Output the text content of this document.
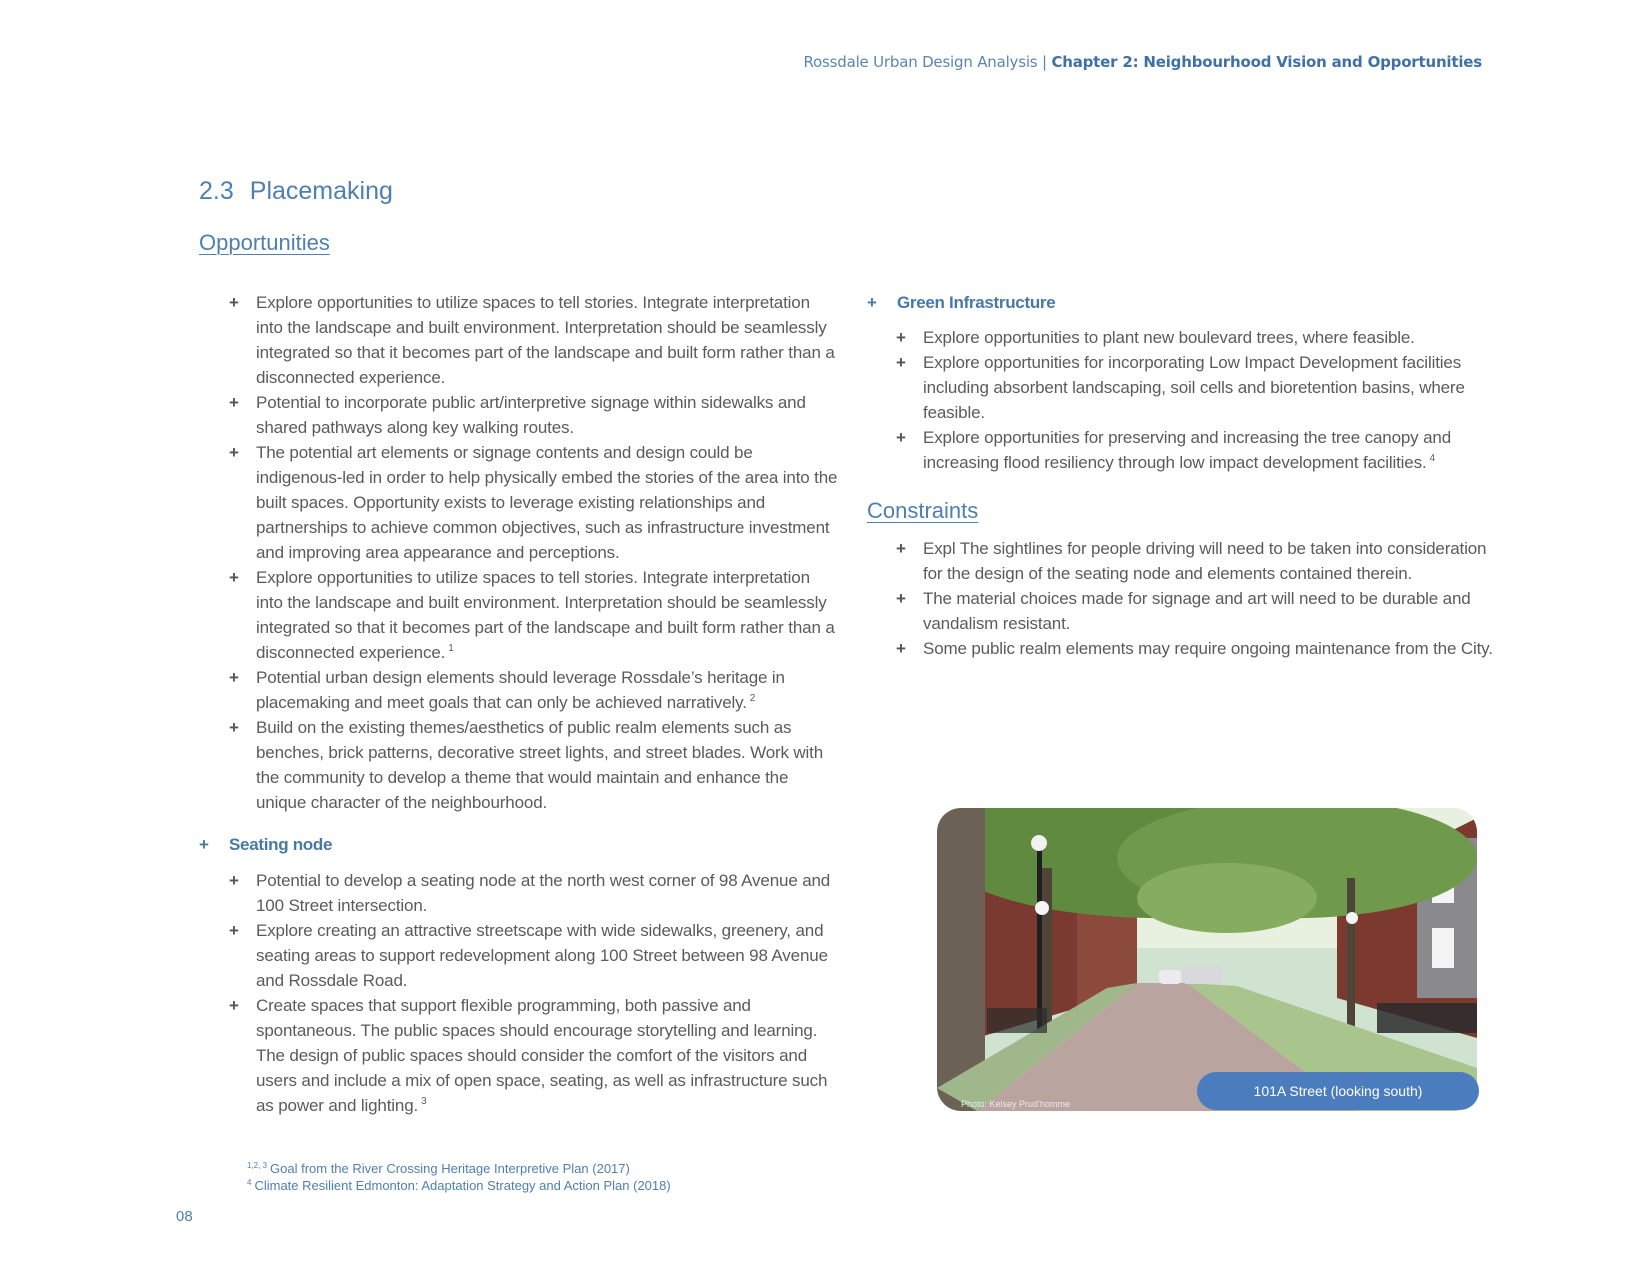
Rossdale Urban Design Analysis | Chapter 2: Neighbourhood Vision and Opportunities
2.3 Placemaking
Opportunities
+ Explore opportunities to utilize spaces to tell stories. Integrate interpretation into the landscape and built environment. Interpretation should be seamlessly integrated so that it becomes part of the landscape and built form rather than a disconnected experience.
+ Potential to incorporate public art/interpretive signage within sidewalks and shared pathways along key walking routes.
+ The potential art elements or signage contents and design could be indigenous-led in order to help physically embed the stories of the area into the built spaces. Opportunity exists to leverage existing relationships and partnerships to achieve common objectives, such as infrastructure investment and improving area appearance and perceptions.
+ Explore opportunities to utilize spaces to tell stories. Integrate interpretation into the landscape and built environment. Interpretation should be seamlessly integrated so that it becomes part of the landscape and built form rather than a disconnected experience. $^1$
+ Potential urban design elements should leverage Rossdale’s heritage in placemaking and meet goals that can only be achieved narratively. $^2$
+ Build on the existing themes/aesthetics of public realm elements such as benches, brick patterns, decorative street lights, and street blades. Work with the community to develop a theme that would maintain and enhance the unique character of the neighbourhood.
+ Seating node
+ Potential to develop a seating node at the north west corner of 98 Avenue and 100 Street intersection.
+ Explore creating an attractive streetscape with wide sidewalks, greenery, and seating areas to support redevelopment along 100 Street between 98 Avenue and Rossdale Road.
+ Create spaces that support flexible programming, both passive and spontaneous. The public spaces should encourage storytelling and learning. The design of public spaces should consider the comfort of the visitors and users and include a mix of open space, seating, as well as infrastructure such as power and lighting. $^3$
+ Green Infrastructure
+ Explore opportunities to plant new boulevard trees, where feasible.
+ Explore opportunities for incorporating Low Impact Development facilities including absorbent landscaping, soil cells and bioretention basins, where feasible.
+ Explore opportunities for preserving and increasing the tree canopy and increasing flood resiliency through low impact development facilities. $^4$
Constraints
+ Expl The sightlines for people driving will need to be taken into consideration for the design of the seating node and elements contained therein.
+ The material choices made for signage and art will need to be durable and vandalism resistant.
+ Some public realm elements may require ongoing maintenance from the City.
Photo: Kelsey Prud’homme
101A Street (looking south)
$^{1,2, 3}$ Goal from the River Crossing Heritage Interpretive Plan (2017)
$^4$ Climate Resilient Edmonton: Adaptation Strategy and Action Plan (2018)
08
